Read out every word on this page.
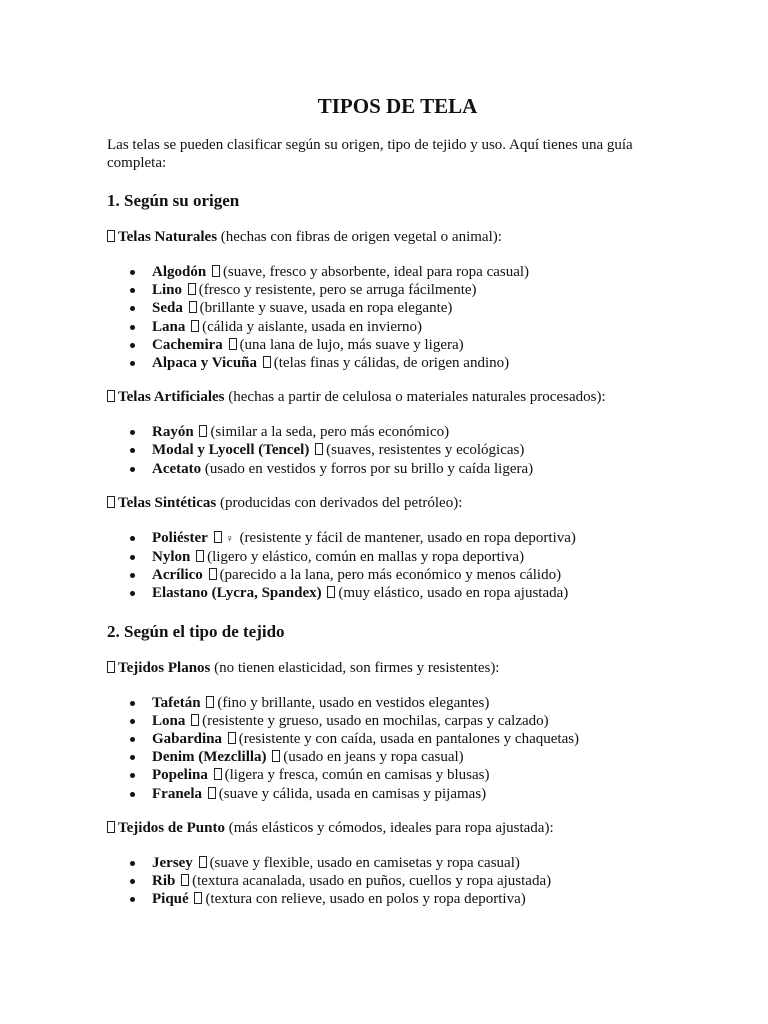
TIPOS DE TELA

Las telas se pueden clasificar según su origen, tipo de tejido y uso. Aquí tienes una guía completa:

1. Según su origen

Telas Naturales (hechas con fibras de origen vegetal o animal):

Algodón (suave, fresco y absorbente, ideal para ropa casual)
Lino (fresco y resistente, pero se arruga fácilmente)
Seda (brillante y suave, usada en ropa elegante)
Lana (cálida y aislante, usada en invierno)
Cachemira (una lana de lujo, más suave y ligera)
Alpaca y Vicuña (telas finas y cálidas, de origen andino)

Telas Artificiales (hechas a partir de celulosa o materiales naturales procesados):

Rayón (similar a la seda, pero más económico)
Modal y Lyocell (Tencel) (suaves, resistentes y ecológicas)
Acetato (usado en vestidos y forros por su brillo y caída ligera)

Telas Sintéticas (producidas con derivados del petróleo):

Poliéster ♀ (resistente y fácil de mantener, usado en ropa deportiva)
Nylon (ligero y elástico, común en mallas y ropa deportiva)
Acrílico (parecido a la lana, pero más económico y menos cálido)
Elastano (Lycra, Spandex) (muy elástico, usado en ropa ajustada)
2. Según el tipo de tejido

Tejidos Planos (no tienen elasticidad, son firmes y resistentes):

Tafetán (fino y brillante, usado en vestidos elegantes)
Lona (resistente y grueso, usado en mochilas, carpas y calzado)
Gabardina (resistente y con caída, usada en pantalones y chaquetas)
Denim (Mezclilla) (usado en jeans y ropa casual)
Popelina (ligera y fresca, común en camisas y blusas)
Franela (suave y cálida, usada en camisas y pijamas)

Tejidos de Punto (más elásticos y cómodos, ideales para ropa ajustada):

Jersey (suave y flexible, usado en camisetas y ropa casual)
Rib (textura acanalada, usado en puños, cuellos y ropa ajustada)
Piqué (textura con relieve, usado en polos y ropa deportiva)
